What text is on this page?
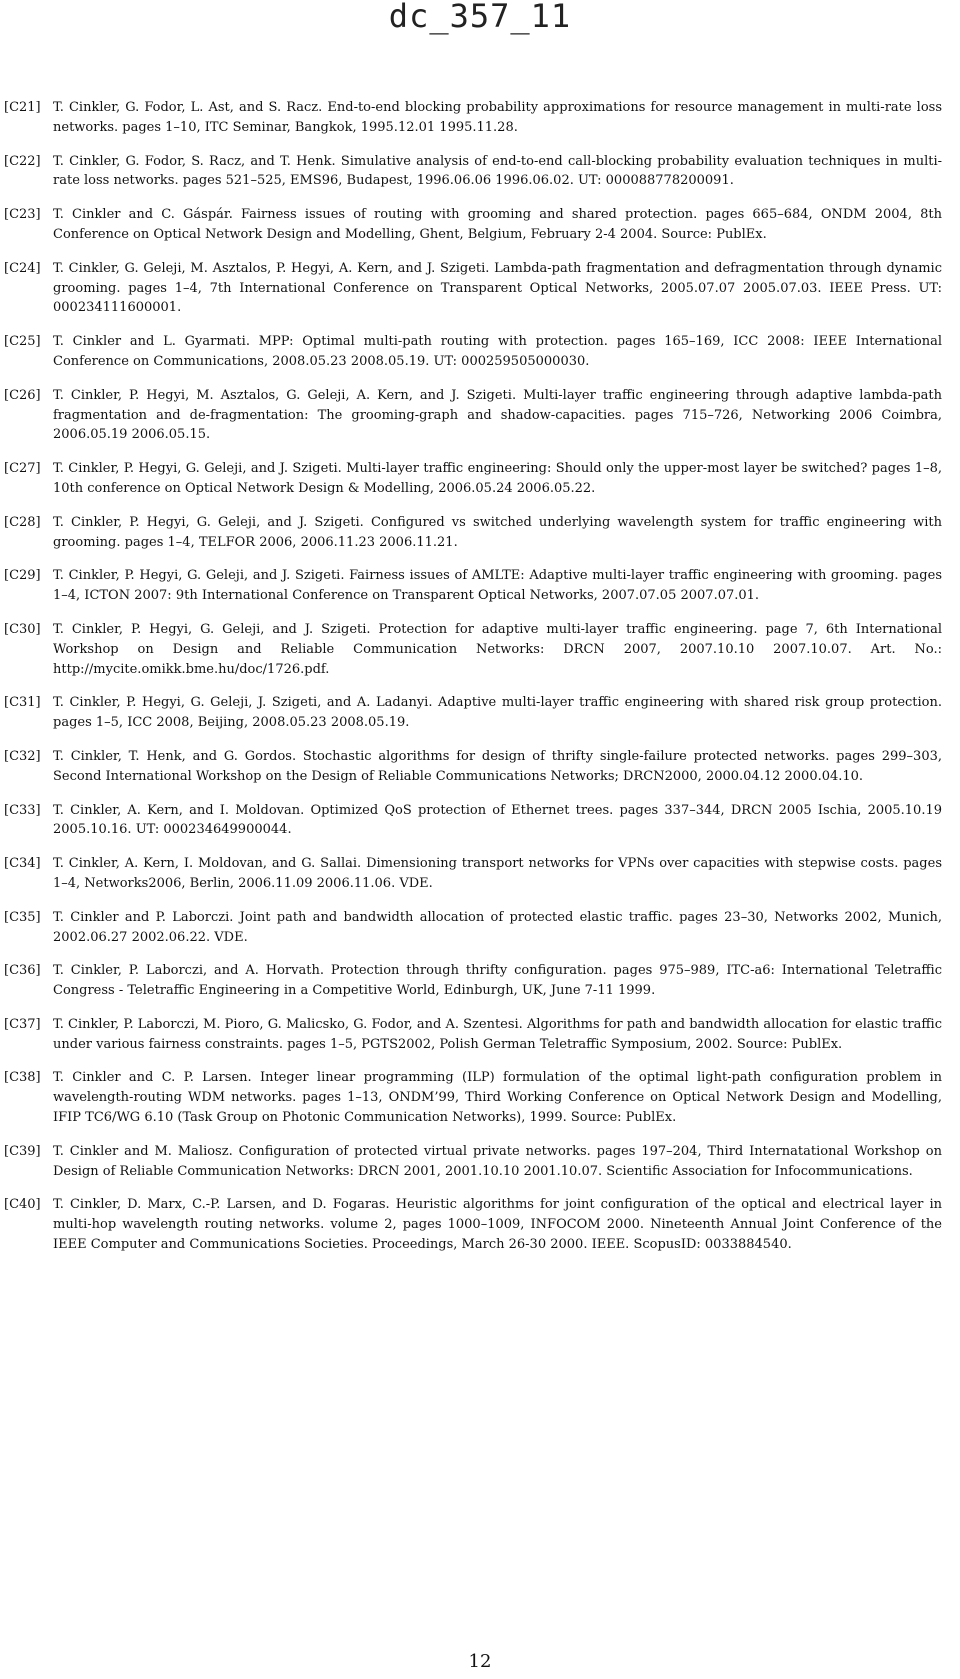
dc_357_11
[C21] T. Cinkler, G. Fodor, L. Ast, and S. Racz. End-to-end blocking probability approximations for resource management in multi-rate loss networks. pages 1–10, ITC Seminar, Bangkok, 1995.12.01 1995.11.28.
[C22] T. Cinkler, G. Fodor, S. Racz, and T. Henk. Simulative analysis of end-to-end call-blocking probability evaluation techniques in multi-rate loss networks. pages 521–525, EMS96, Budapest, 1996.06.06 1996.06.02. UT: 000088778200091.
[C23] T. Cinkler and C. Gáspár. Fairness issues of routing with grooming and shared protection. pages 665–684, ONDM 2004, 8th Conference on Optical Network Design and Modelling, Ghent, Belgium, February 2-4 2004. Source: PublEx.
[C24] T. Cinkler, G. Geleji, M. Asztalos, P. Hegyi, A. Kern, and J. Szigeti. Lambda-path fragmentation and defragmentation through dynamic grooming. pages 1–4, 7th International Conference on Transparent Optical Networks, 2005.07.07 2005.07.03. IEEE Press. UT: 000234111600001.
[C25] T. Cinkler and L. Gyarmati. MPP: Optimal multi-path routing with protection. pages 165–169, ICC 2008: IEEE International Conference on Communications, 2008.05.23 2008.05.19. UT: 000259505000030.
[C26] T. Cinkler, P. Hegyi, M. Asztalos, G. Geleji, A. Kern, and J. Szigeti. Multi-layer traffic engineering through adaptive lambda-path fragmentation and de-fragmentation: The grooming-graph and shadow-capacities. pages 715–726, Networking 2006 Coimbra, 2006.05.19 2006.05.15.
[C27] T. Cinkler, P. Hegyi, G. Geleji, and J. Szigeti. Multi-layer traffic engineering: Should only the upper-most layer be switched? pages 1–8, 10th conference on Optical Network Design & Modelling, 2006.05.24 2006.05.22.
[C28] T. Cinkler, P. Hegyi, G. Geleji, and J. Szigeti. Configured vs switched underlying wavelength system for traffic engineering with grooming. pages 1–4, TELFOR 2006, 2006.11.23 2006.11.21.
[C29] T. Cinkler, P. Hegyi, G. Geleji, and J. Szigeti. Fairness issues of AMLTE: Adaptive multi-layer traffic engineering with grooming. pages 1–4, ICTON 2007: 9th International Conference on Transparent Optical Networks, 2007.07.05 2007.07.01.
[C30] T. Cinkler, P. Hegyi, G. Geleji, and J. Szigeti. Protection for adaptive multi-layer traffic engineering. page 7, 6th International Workshop on Design and Reliable Communication Networks: DRCN 2007, 2007.10.10 2007.10.07. Art. No.: http://mycite.omikk.bme.hu/doc/1726.pdf.
[C31] T. Cinkler, P. Hegyi, G. Geleji, J. Szigeti, and A. Ladanyi. Adaptive multi-layer traffic engineering with shared risk group protection. pages 1–5, ICC 2008, Beijing, 2008.05.23 2008.05.19.
[C32] T. Cinkler, T. Henk, and G. Gordos. Stochastic algorithms for design of thrifty single-failure protected networks. pages 299–303, Second International Workshop on the Design of Reliable Communications Networks; DRCN2000, 2000.04.12 2000.04.10.
[C33] T. Cinkler, A. Kern, and I. Moldovan. Optimized QoS protection of Ethernet trees. pages 337–344, DRCN 2005 Ischia, 2005.10.19 2005.10.16. UT: 000234649900044.
[C34] T. Cinkler, A. Kern, I. Moldovan, and G. Sallai. Dimensioning transport networks for VPNs over capacities with stepwise costs. pages 1–4, Networks2006, Berlin, 2006.11.09 2006.11.06. VDE.
[C35] T. Cinkler and P. Laborczi. Joint path and bandwidth allocation of protected elastic traffic. pages 23–30, Networks 2002, Munich, 2002.06.27 2002.06.22. VDE.
[C36] T. Cinkler, P. Laborczi, and A. Horvath. Protection through thrifty configuration. pages 975–989, ITC-a6: International Teletraffic Congress - Teletraffic Engineering in a Competitive World, Edinburgh, UK, June 7-11 1999.
[C37] T. Cinkler, P. Laborczi, M. Pioro, G. Malicsko, G. Fodor, and A. Szentesi. Algorithms for path and bandwidth allocation for elastic traffic under various fairness constraints. pages 1–5, PGTS2002, Polish German Teletraffic Symposium, 2002. Source: PublEx.
[C38] T. Cinkler and C. P. Larsen. Integer linear programming (ILP) formulation of the optimal light-path configuration problem in wavelength-routing WDM networks. pages 1–13, ONDM’99, Third Working Conference on Optical Network Design and Modelling, IFIP TC6/WG 6.10 (Task Group on Photonic Communication Networks), 1999. Source: PublEx.
[C39] T. Cinkler and M. Maliosz. Configuration of protected virtual private networks. pages 197–204, Third Internatational Workshop on Design of Reliable Communication Networks: DRCN 2001, 2001.10.10 2001.10.07. Scientific Association for Infocommunications.
[C40] T. Cinkler, D. Marx, C.-P. Larsen, and D. Fogaras. Heuristic algorithms for joint configuration of the optical and electrical layer in multi-hop wavelength routing networks. volume 2, pages 1000–1009, INFOCOM 2000. Nineteenth Annual Joint Conference of the IEEE Computer and Communications Societies. Proceedings, March 26-30 2000. IEEE. ScopusID: 0033884540.
12
